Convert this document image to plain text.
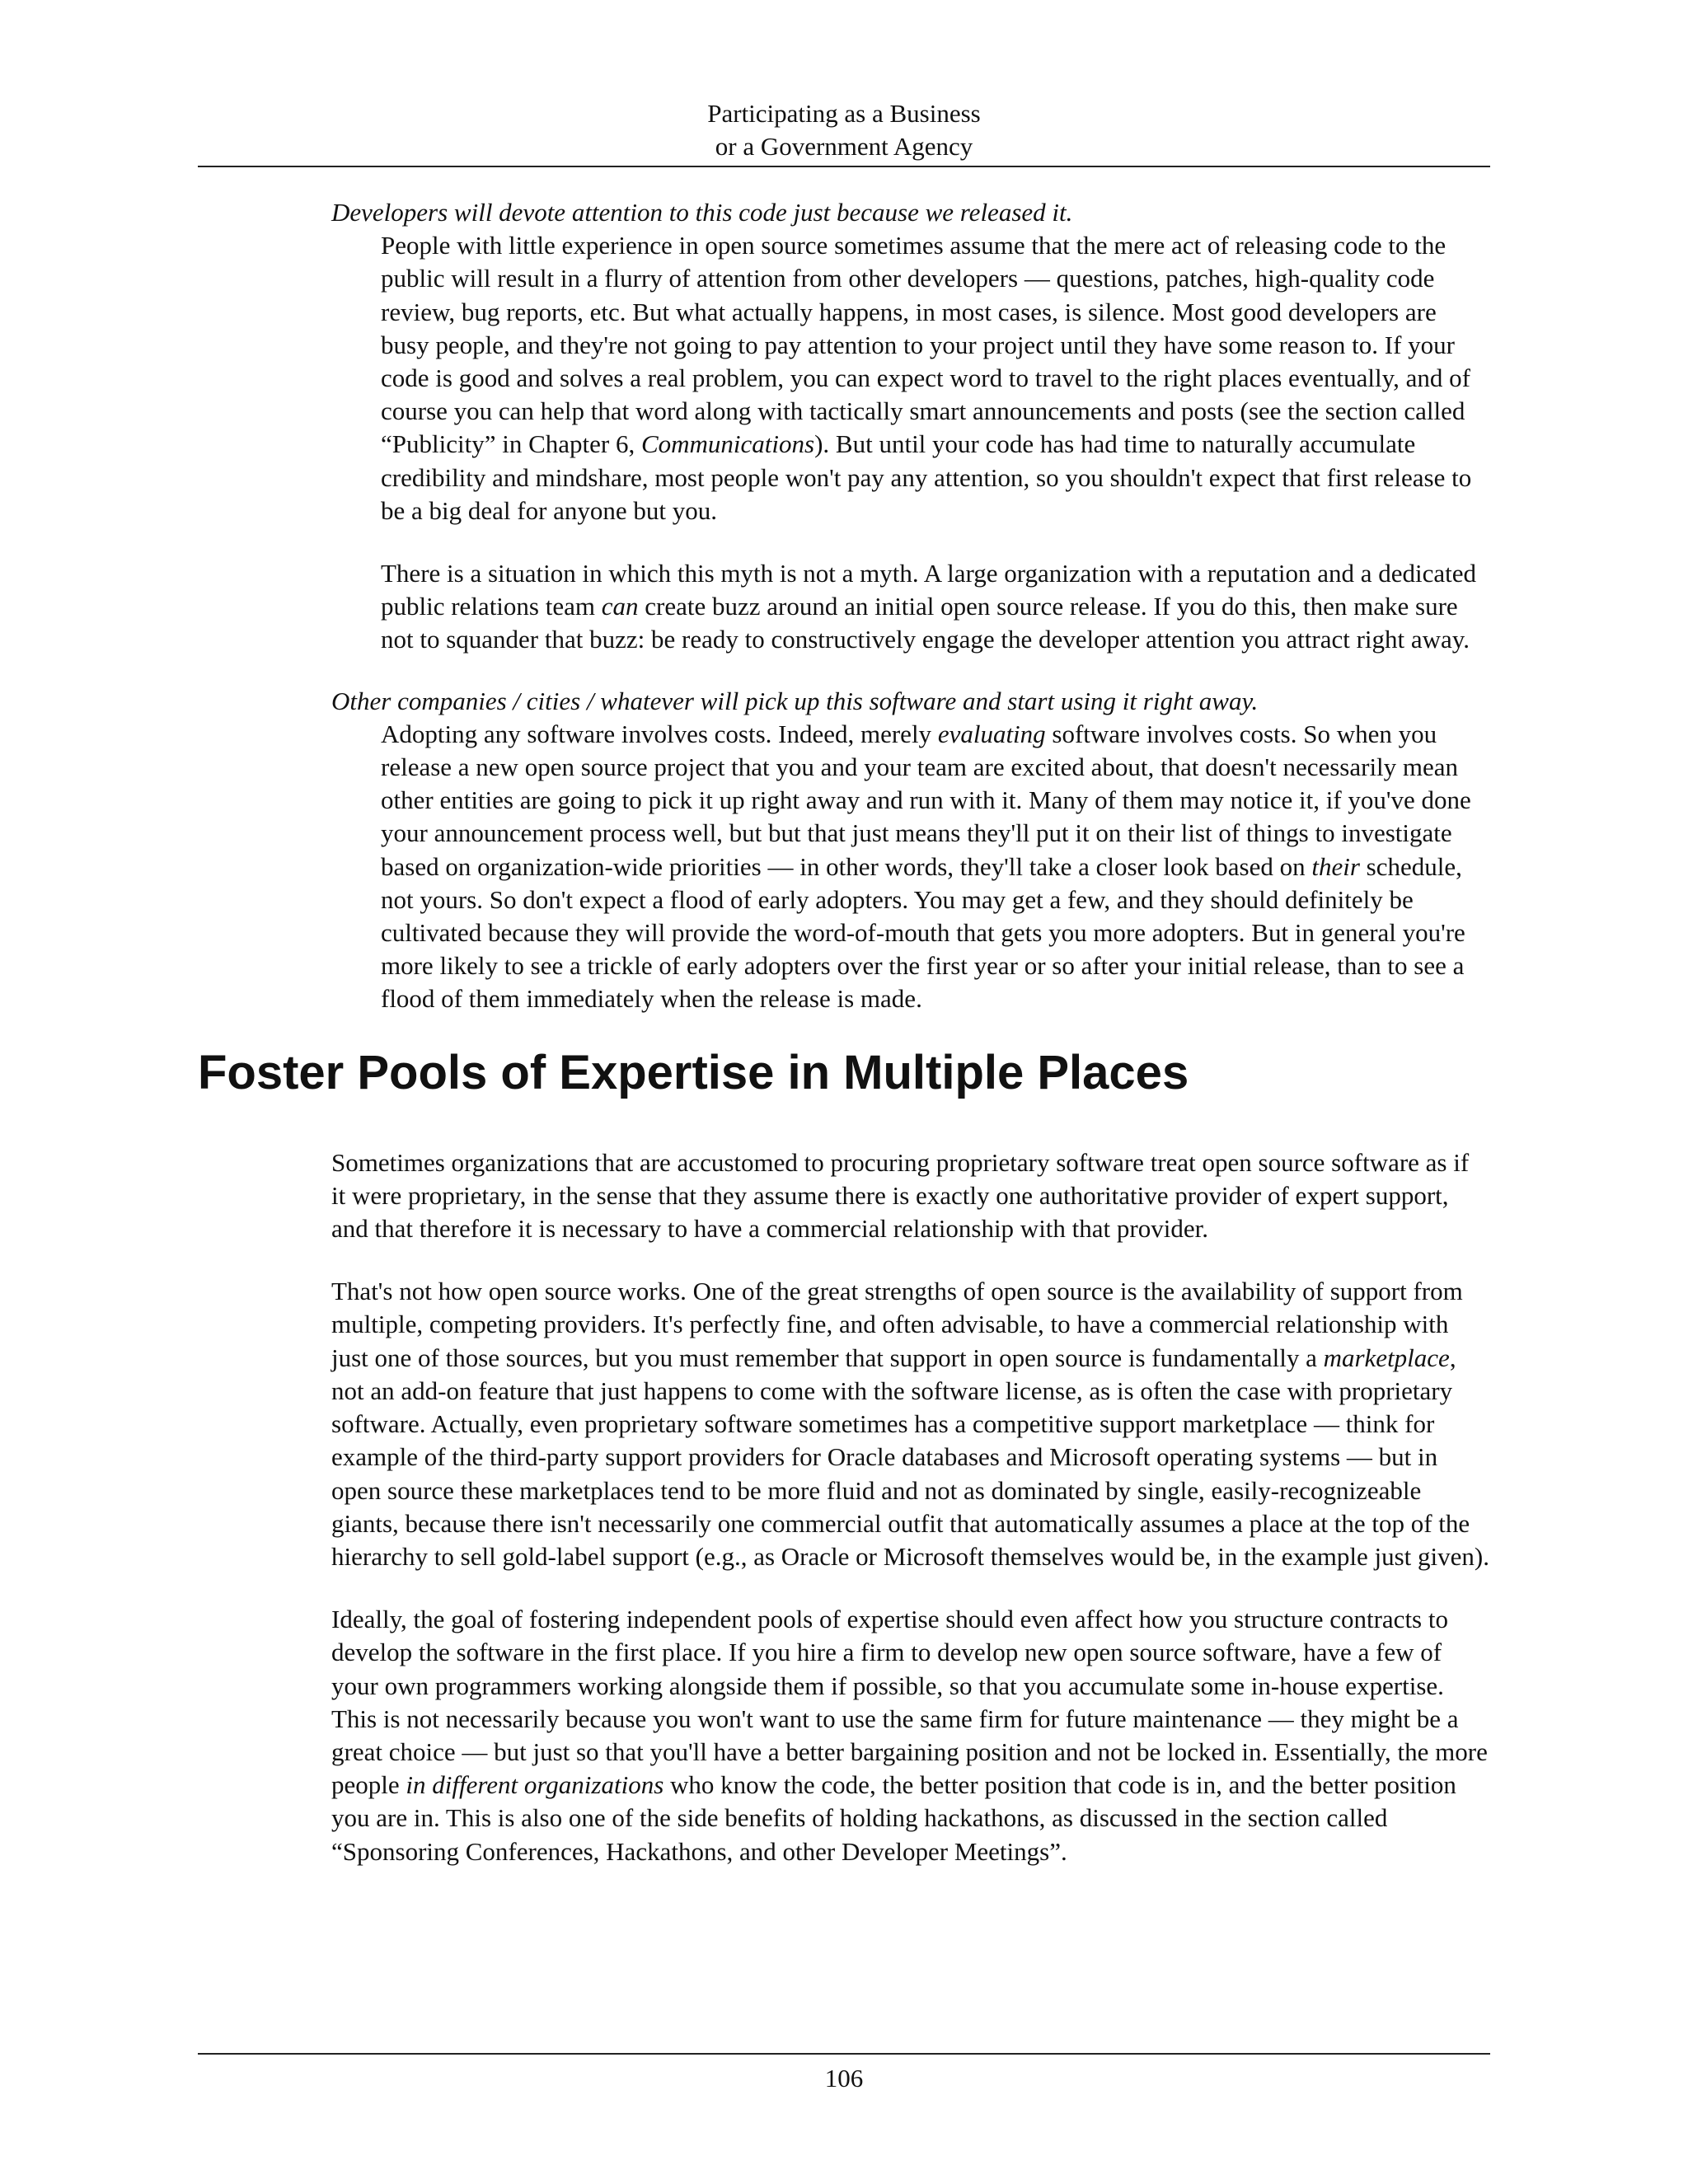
Participating as a Business
or a Government Agency
Developers will devote attention to this code just because we released it.

People with little experience in open source sometimes assume that the mere act of releasing code to the public will result in a flurry of attention from other developers — questions, patches, high-quality code review, bug reports, etc. But what actually happens, in most cases, is silence. Most good developers are busy people, and they're not going to pay attention to your project until they have some reason to. If your code is good and solves a real problem, you can expect word to travel to the right places eventually, and of course you can help that word along with tactically smart announcements and posts (see the section called “Publicity” in Chapter 6, Communications). But until your code has had time to naturally accumulate credibility and mindshare, most people won't pay any attention, so you shouldn't expect that first release to be a big deal for anyone but you.

There is a situation in which this myth is not a myth. A large organization with a reputation and a dedicated public relations team can create buzz around an initial open source release. If you do this, then make sure not to squander that buzz: be ready to constructively engage the developer attention you attract right away.

Other companies / cities / whatever will pick up this software and start using it right away.

Adopting any software involves costs. Indeed, merely evaluating software involves costs. So when you release a new open source project that you and your team are excited about, that doesn't necessarily mean other entities are going to pick it up right away and run with it. Many of them may notice it, if you've done your announcement process well, but but that just means they'll put it on their list of things to investigate based on organization-wide priorities — in other words, they'll take a closer look based on their schedule, not yours. So don't expect a flood of early adopters. You may get a few, and they should definitely be cultivated because they will provide the word-of-mouth that gets you more adopters. But in general you're more likely to see a trickle of early adopters over the first year or so after your initial release, than to see a flood of them immediately when the release is made.

Foster Pools of Expertise in Multiple Places

Sometimes organizations that are accustomed to procuring proprietary software treat open source software as if it were proprietary, in the sense that they assume there is exactly one authoritative provider of expert support, and that therefore it is necessary to have a commercial relationship with that provider.

That's not how open source works. One of the great strengths of open source is the availability of support from multiple, competing providers. It's perfectly fine, and often advisable, to have a commercial relationship with just one of those sources, but you must remember that support in open source is fundamentally a marketplace, not an add-on feature that just happens to come with the software license, as is often the case with proprietary software. Actually, even proprietary software sometimes has a competitive support marketplace — think for example of the third-party support providers for Oracle databases and Microsoft operating systems — but in open source these marketplaces tend to be more fluid and not as dominated by single, easily-recognizeable giants, because there isn't necessarily one commercial outfit that automatically assumes a place at the top of the hierarchy to sell gold-label support (e.g., as Oracle or Microsoft themselves would be, in the example just given).

Ideally, the goal of fostering independent pools of expertise should even affect how you structure contracts to develop the software in the first place. If you hire a firm to develop new open source software, have a few of your own programmers working alongside them if possible, so that you accumulate some in-house expertise. This is not necessarily because you won't want to use the same firm for future maintenance — they might be a great choice — but just so that you'll have a better bargaining position and not be locked in. Essentially, the more people in different organizations who know the code, the better position that code is in, and the better position you are in. This is also one of the side benefits of holding hackathons, as discussed in the section called “Sponsoring Conferences, Hackathons, and other Developer Meetings”.

106
